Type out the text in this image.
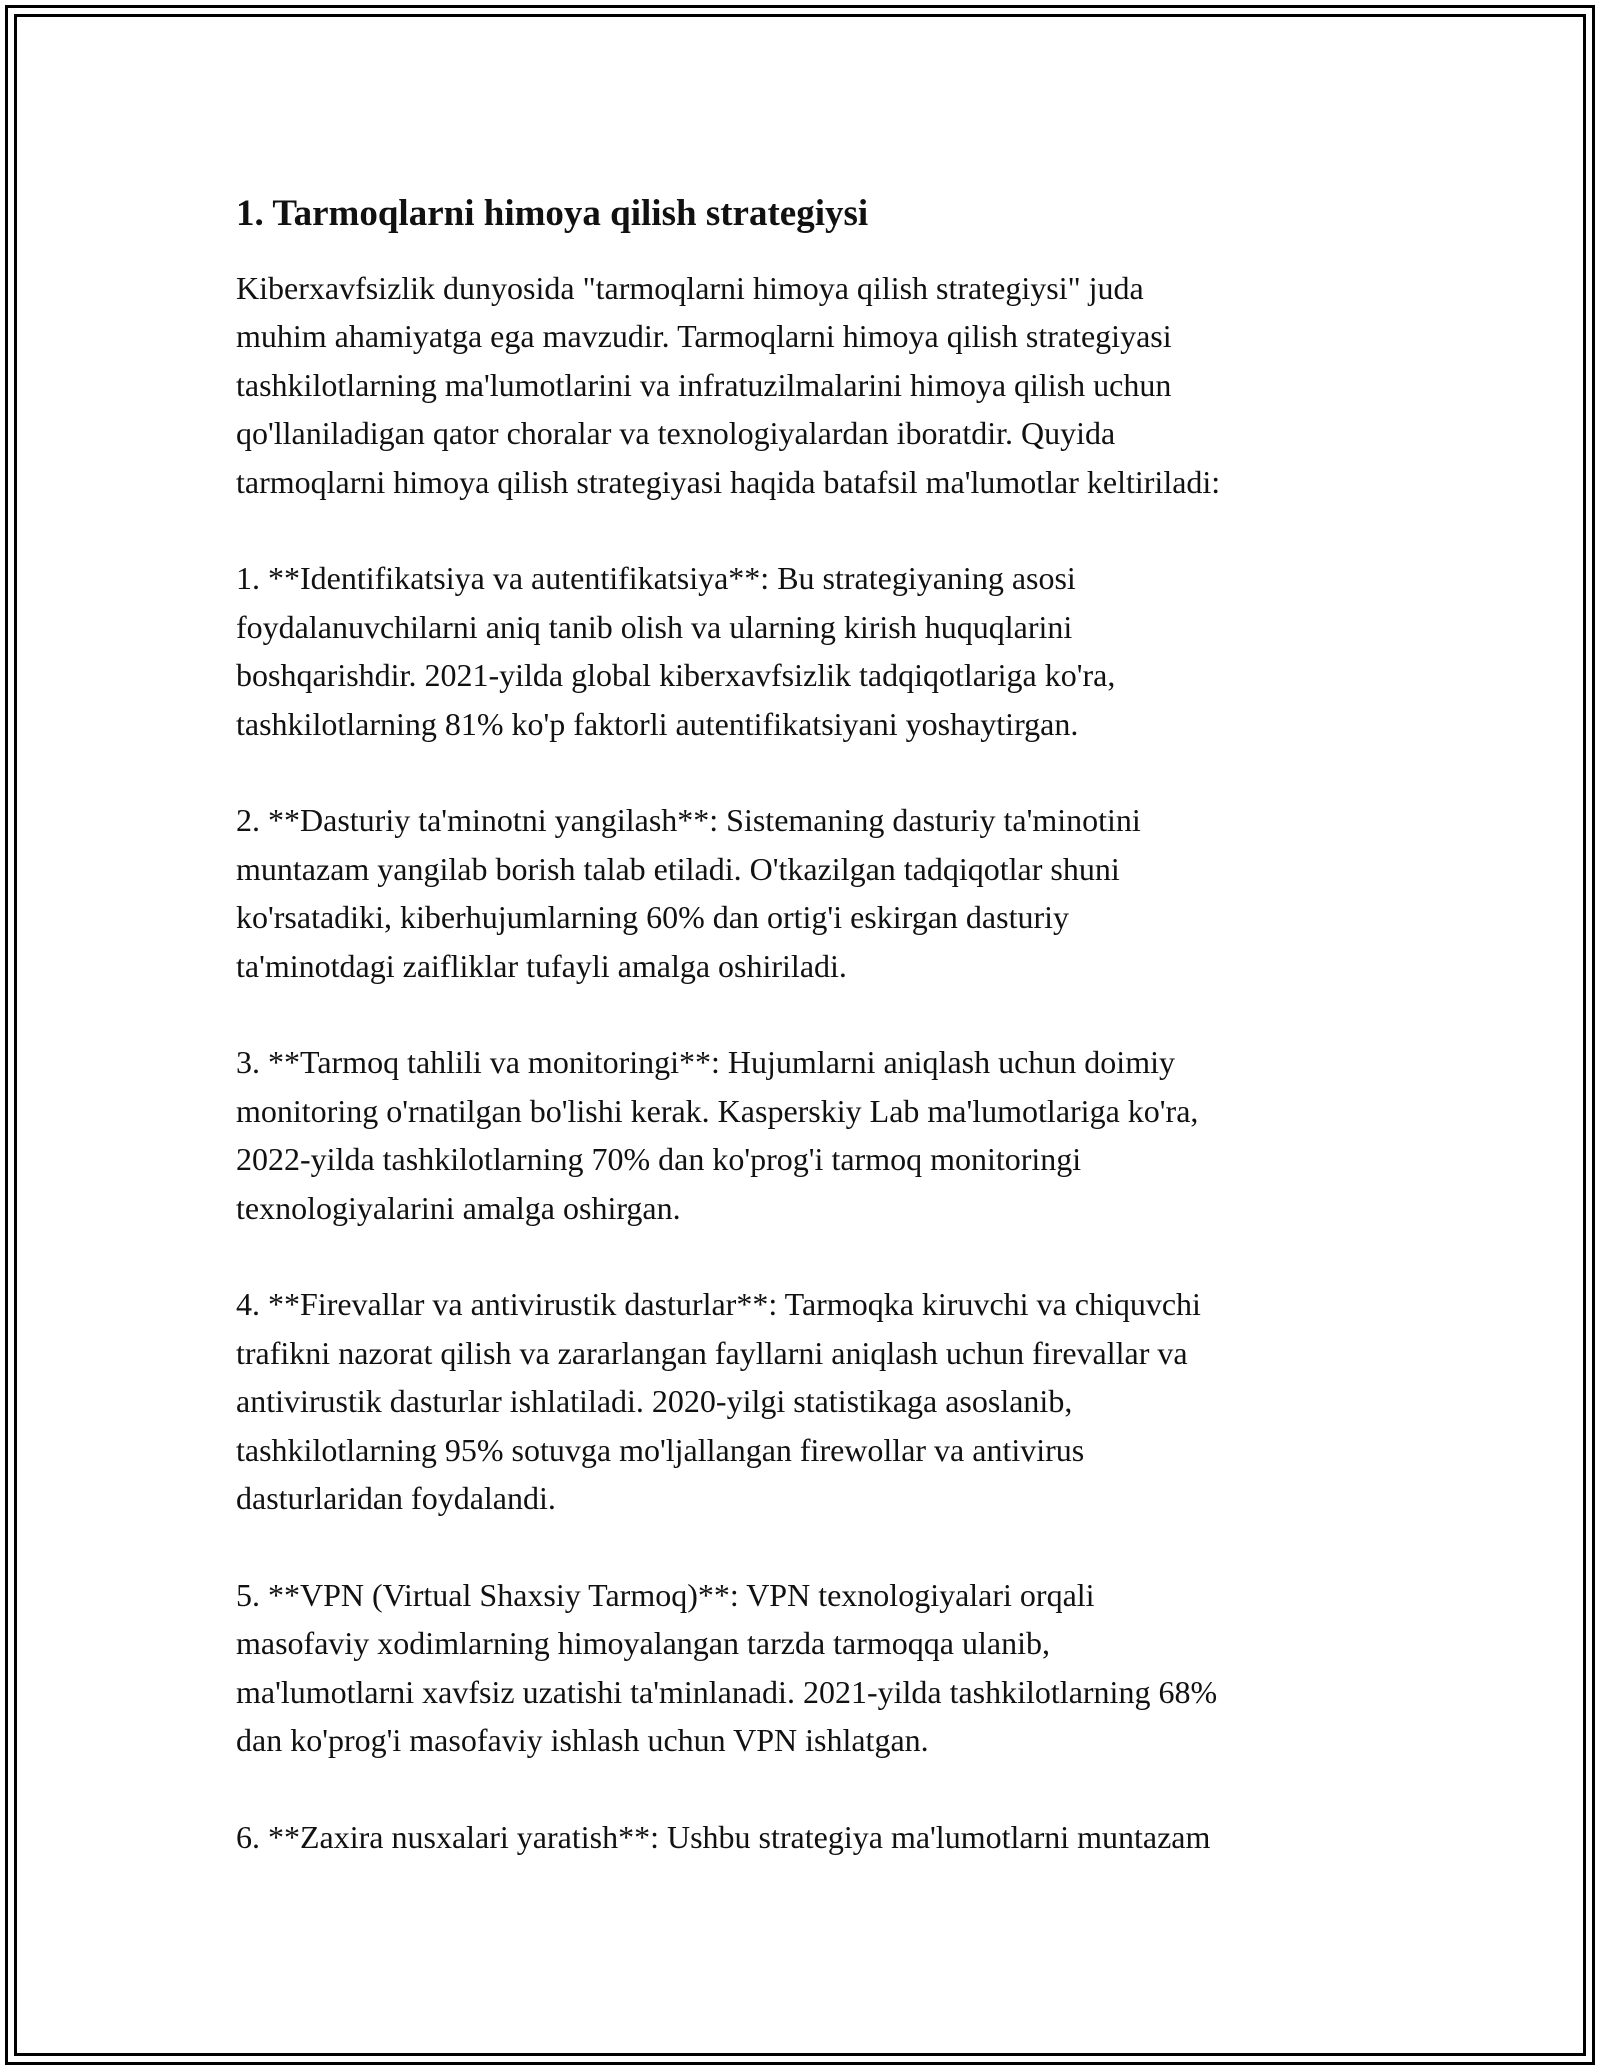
1. Tarmoqlarni himoya qilish strategiysi

Kiberxavfsizlik dunyosida "tarmoqlarni himoya qilish strategiysi" juda
muhim ahamiyatga ega mavzudir. Tarmoqlarni himoya qilish strategiyasi
tashkilotlarning ma'lumotlarini va infratuzilmalarini himoya qilish uchun
qo'llaniladigan qator choralar va texnologiyalardan iboratdir. Quyida
tarmoqlarni himoya qilish strategiyasi haqida batafsil ma'lumotlar keltiriladi:

1. **Identifikatsiya va autentifikatsiya**: Bu strategiyaning asosi
foydalanuvchilarni aniq tanib olish va ularning kirish huquqlarini
boshqarishdir. 2021-yilda global kiberxavfsizlik tadqiqotlariga ko'ra,
tashkilotlarning 81% ko'p faktorli autentifikatsiyani yoshaytirgan.

2. **Dasturiy ta'minotni yangilash**: Sistemaning dasturiy ta'minotini
muntazam yangilab borish talab etiladi. O'tkazilgan tadqiqotlar shuni
ko'rsatadiki, kiberhujumlarning 60% dan ortig'i eskirgan dasturiy
ta'minotdagi zaifliklar tufayli amalga oshiriladi.

3. **Tarmoq tahlili va monitoringi**: Hujumlarni aniqlash uchun doimiy
monitoring o'rnatilgan bo'lishi kerak. Kasperskiy Lab ma'lumotlariga ko'ra,
2022-yilda tashkilotlarning 70% dan ko'prog'i tarmoq monitoringi
texnologiyalarini amalga oshirgan.

4. **Firevallar va antivirustik dasturlar**: Tarmoqka kiruvchi va chiquvchi
trafikni nazorat qilish va zararlangan fayllarni aniqlash uchun firevallar va
antivirustik dasturlar ishlatiladi. 2020-yilgi statistikaga asoslanib,
tashkilotlarning 95% sotuvga mo'ljallangan firewollar va antivirus
dasturlaridan foydalandi.

5. **VPN (Virtual Shaxsiy Tarmoq)**: VPN texnologiyalari orqali
masofaviy xodimlarning himoyalangan tarzda tarmoqqa ulanib,
ma'lumotlarni xavfsiz uzatishi ta'minlanadi. 2021-yilda tashkilotlarning 68%
dan ko'prog'i masofaviy ishlash uchun VPN ishlatgan.

6. **Zaxira nusxalari yaratish**: Ushbu strategiya ma'lumotlarni muntazam
